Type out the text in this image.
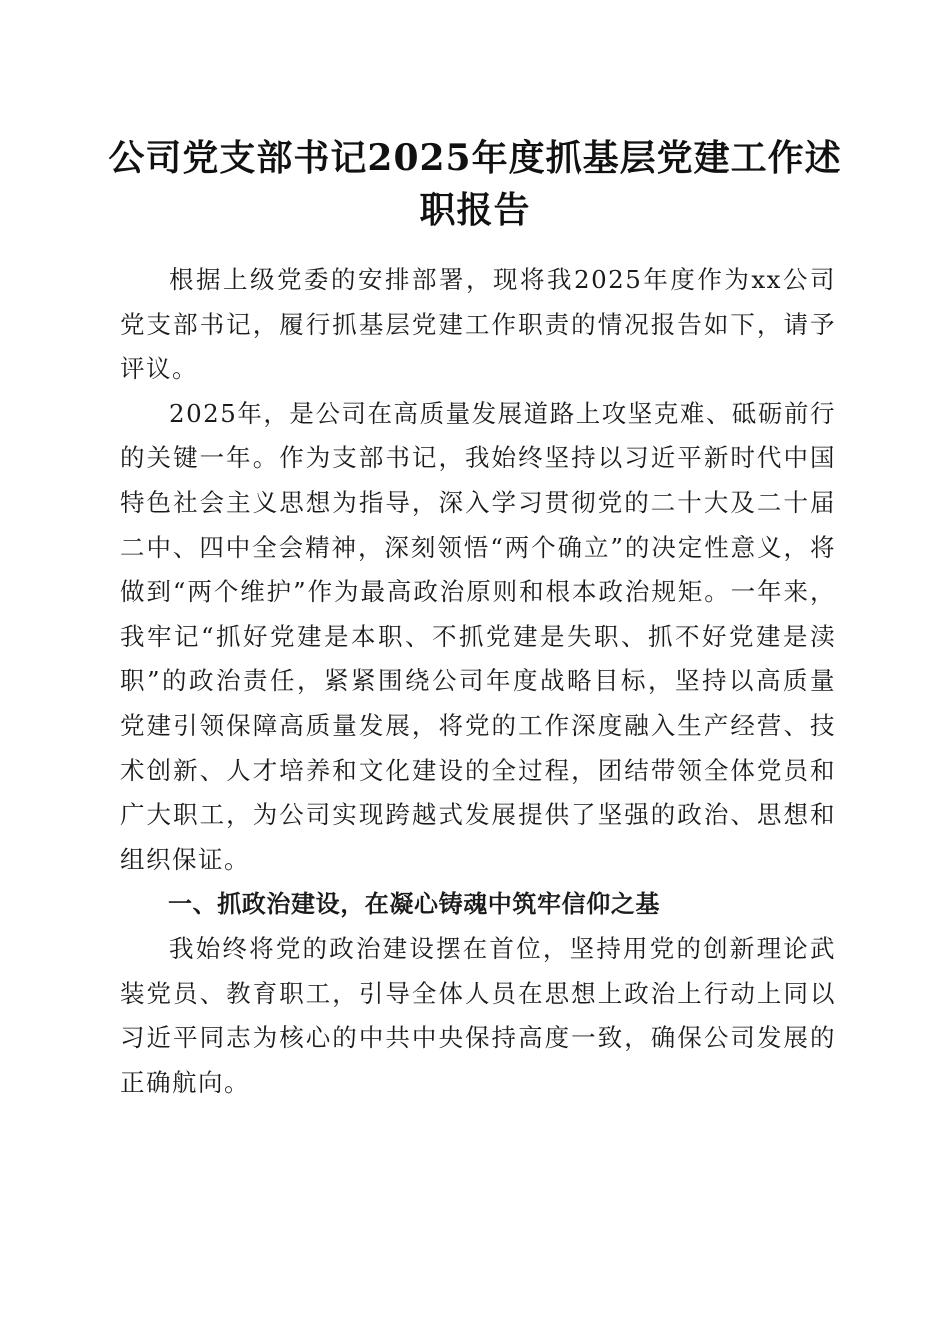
公司党支部书记2025年度抓基层党建工作述职报告

根据上级党委的安排部署，现将我2025年度作为xx公司党支部书记，履行抓基层党建工作职责的情况报告如下，请予评议。

2025年，是公司在高质量发展道路上攻坚克难、砥砺前行的关键一年。作为支部书记，我始终坚持以习近平新时代中国特色社会主义思想为指导，深入学习贯彻党的二十大及二十届二中、四中全会精神，深刻领悟“两个确立”的决定性意义，将做到“两个维护”作为最高政治原则和根本政治规矩。一年来，我牢记“抓好党建是本职、不抓党建是失职、抓不好党建是渎职”的政治责任，紧紧围绕公司年度战略目标，坚持以高质量党建引领保障高质量发展，将党的工作深度融入生产经营、技术创新、人才培养和文化建设的全过程，团结带领全体党员和广大职工，为公司实现跨越式发展提供了坚强的政治、思想和组织保证。

一、抓政治建设，在凝心铸魂中筑牢信仰之基

我始终将党的政治建设摆在首位，坚持用党的创新理论武装党员、教育职工，引导全体人员在思想上政治上行动上同以习近平同志为核心的中共中央保持高度一致，确保公司发展的正确航向。
